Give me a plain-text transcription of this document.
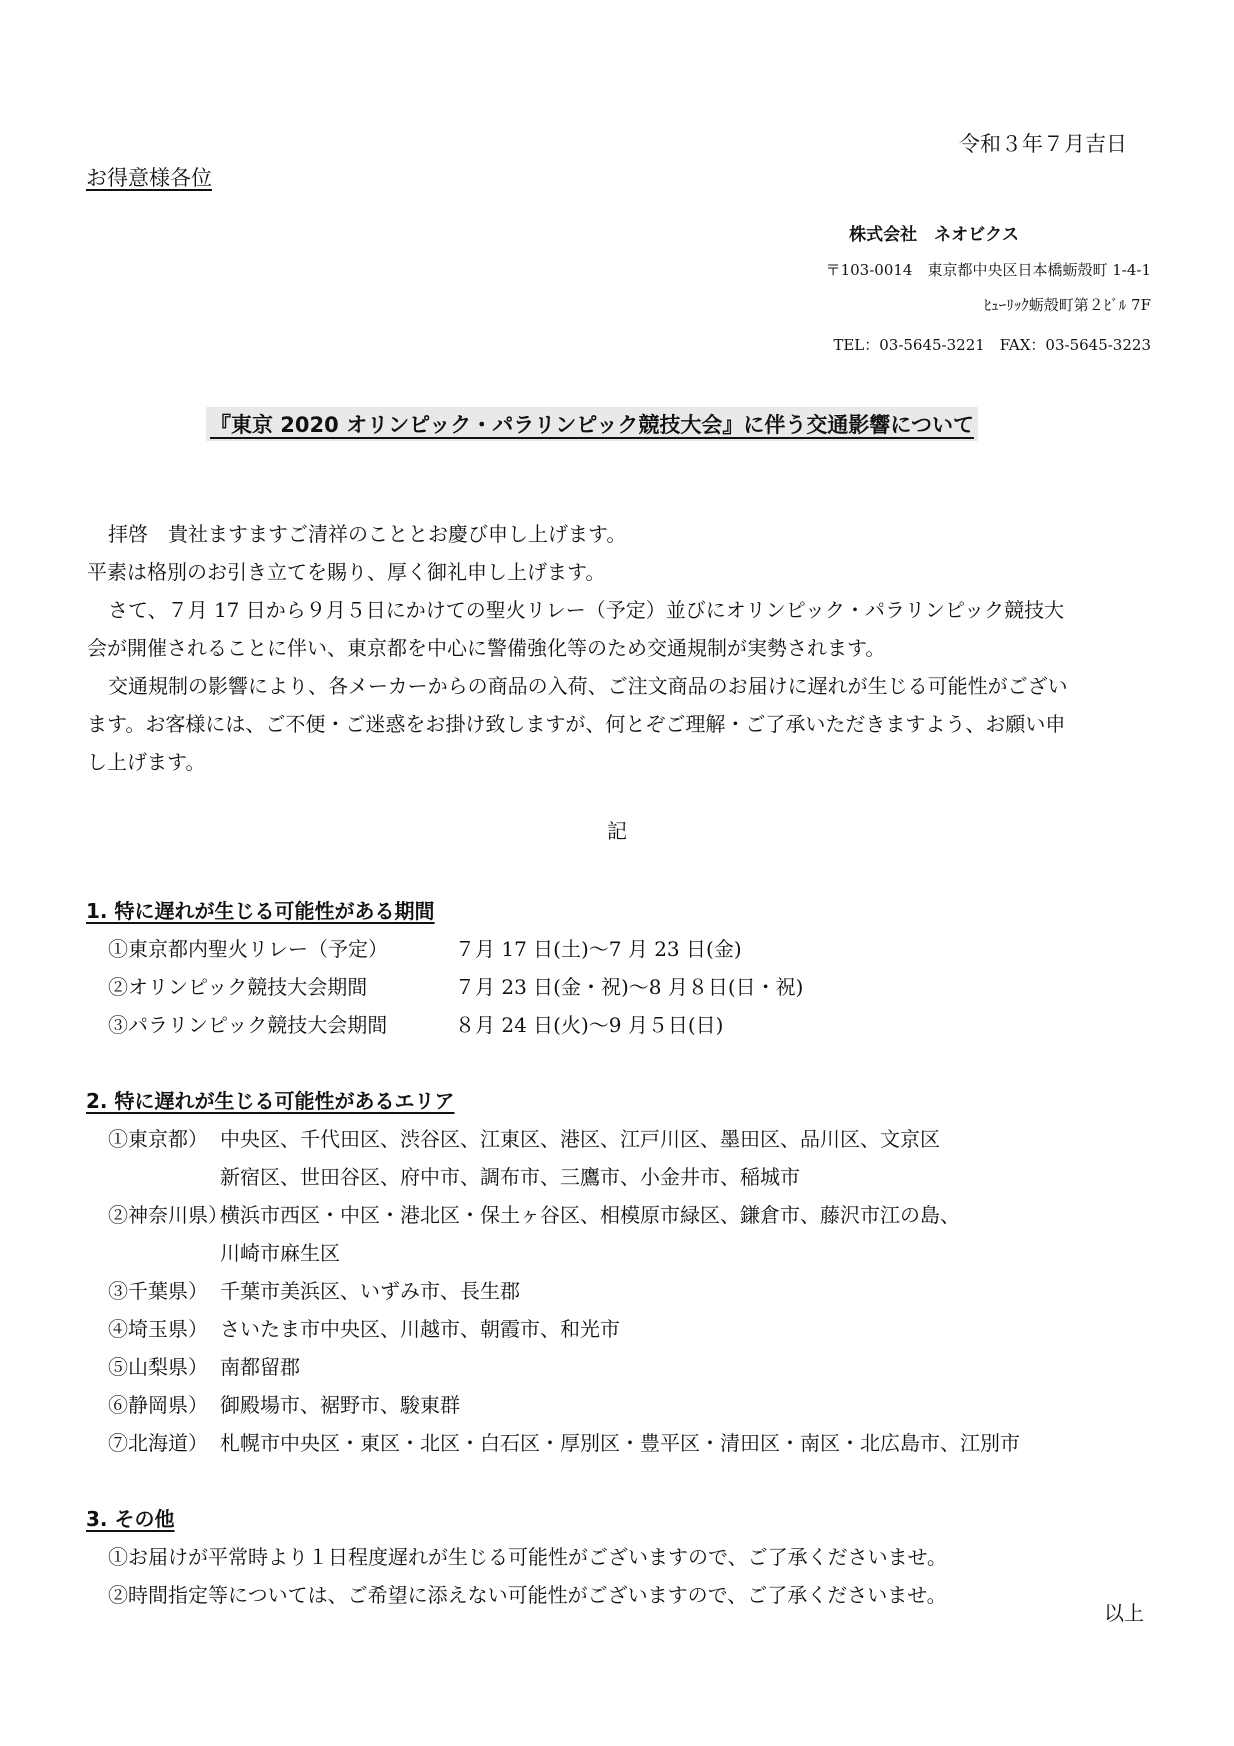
令和３年７月吉日
お得意様各位
株式会社　ネオビクス
〒103-0014　東京都中央区日本橋蛎殻町 1-4-1
ﾋｭｰﾘｯｸ蛎殻町第２ﾋﾞﾙ 7F
TEL：03-5645-3221　FAX：03-5645-3223
『東京 2020 オリンピック・パラリンピック競技大会』に伴う交通影響について
拝啓　貴社ますますご清祥のこととお慶び申し上げます。
平素は格別のお引き立てを賜り、厚く御礼申し上げます。
さて、７月 17 日から９月５日にかけての聖火リレー（予定）並びにオリンピック・パラリンピック競技大
会が開催されることに伴い、東京都を中心に警備強化等のため交通規制が実勢されます。
交通規制の影響により、各メーカーからの商品の入荷、ご注文商品のお届けに遅れが生じる可能性がござい
ます。お客様には、ご不便・ご迷惑をお掛け致しますが、何とぞご理解・ご了承いただきますよう、お願い申
し上げます。
記
1. 特に遅れが生じる可能性がある期間
①東京都内聖火リレー（予定）	７月 17 日(土)～7 月 23 日(金)
②オリンピック競技大会期間	７月 23 日(金・祝)～8 月８日(日・祝)
③パラリンピック競技大会期間	８月 24 日(火)～9 月５日(日)
2. 特に遅れが生じる可能性があるエリア
①東京都） 中央区、千代田区、渋谷区、江東区、港区、江戸川区、墨田区、品川区、文京区
新宿区、世田谷区、府中市、調布市、三鷹市、小金井市、稲城市
②神奈川県）
横浜市西区・中区・港北区・保土ヶ谷区、相模原市緑区、鎌倉市、藤沢市江の島、
川崎市麻生区
③千葉県） 千葉市美浜区、いずみ市、長生郡
④埼玉県） さいたま市中央区、川越市、朝霞市、和光市
⑤山梨県） 南都留郡
⑥静岡県） 御殿場市、裾野市、駿東群
⑦北海道） 札幌市中央区・東区・北区・白石区・厚別区・豊平区・清田区・南区・北広島市、江別市
3. その他
①お届けが平常時より１日程度遅れが生じる可能性がございますので、ご了承くださいませ。
②時間指定等については、ご希望に添えない可能性がございますので、ご了承くださいませ。
以上
